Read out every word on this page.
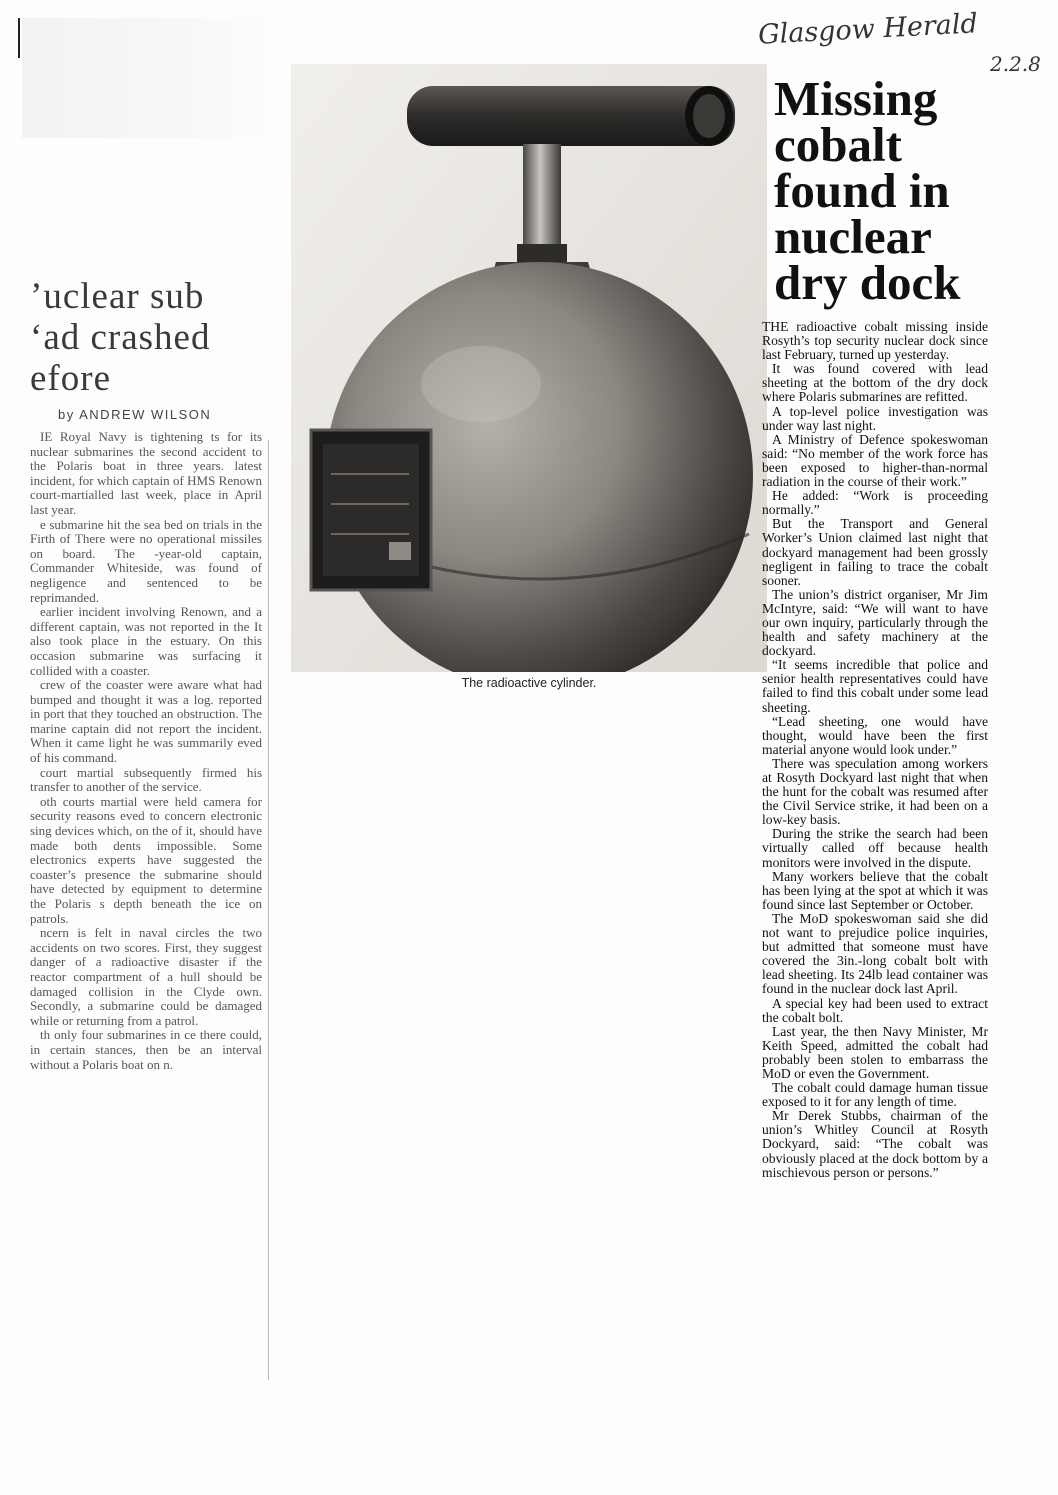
’uclear sub ‘ad crashed efore
by ANDREW WILSON

IE Royal Navy is tightening ts for its nuclear submarines the second accident to the Polaris boat in three years. latest incident, for which captain of HMS Renown court-martialled last week, place in April last year.

e submarine hit the sea bed on trials in the Firth of There were no operational missiles on board. The -year-old captain, Commander Whiteside, was found of negligence and sentenced to be reprimanded.

earlier incident involving Renown, and a different captain, was not reported in the It also took place in the estuary. On this occasion submarine was surfacing it collided with a coaster.

crew of the coaster were aware what had bumped and thought it was a log. reported in port that they touched an obstruction. The marine captain did not report the incident. When it came light he was summarily eved of his command.

court martial subsequently firmed his transfer to another of the service.

oth courts martial were held camera for security reasons eved to concern electronic sing devices which, on the of it, should have made both dents impossible. Some electronics experts have suggested the coaster’s presence the submarine should have detected by equipment to determine the Polaris s depth beneath the ice on patrols.

ncern is felt in naval circles the two accidents on two scores. First, they suggest danger of a radioactive disaster if the reactor compartment of a hull should be damaged collision in the Clyde own. Secondly, a submarine could be damaged while or returning from a patrol.

th only four submarines in ce there could, in certain stances, then be an interval without a Polaris boat on n.

The radioactive cylinder.
Glasgow Herald
2.2.8
Missing cobalt found in nuclear dry dock

THE radioactive cobalt missing inside Rosyth’s top security nuclear dock since last February, turned up yesterday.

It was found covered with lead sheeting at the bottom of the dry dock where Polaris submarines are refitted.

A top-level police investigation was under way last night.

A Ministry of Defence spokeswoman said: “No member of the work force has been exposed to higher-than-normal radiation in the course of their work.”

He added: “Work is proceeding normally.”

But the Transport and General Worker’s Union claimed last night that dockyard management had been grossly negligent in failing to trace the cobalt sooner.

The union’s district organiser, Mr Jim McIntyre, said: “We will want to have our own inquiry, particularly through the health and safety machinery at the dockyard.

“It seems incredible that police and senior health representatives could have failed to find this cobalt under some lead sheeting.

“Lead sheeting, one would have thought, would have been the first material anyone would look under.”

There was speculation among workers at Rosyth Dockyard last night that when the hunt for the cobalt was resumed after the Civil Service strike, it had been on a low-key basis.

During the strike the search had been virtually called off because health monitors were involved in the dispute.

Many workers believe that the cobalt has been lying at the spot at which it was found since last September or October.

The MoD spokeswoman said she did not want to prejudice police inquiries, but admitted that someone must have covered the 3in.-long cobalt bolt with lead sheeting. Its 24lb lead container was found in the nuclear dock last April.

A special key had been used to extract the cobalt bolt.

Last year, the then Navy Minister, Mr Keith Speed, admitted the cobalt had probably been stolen to embarrass the MoD or even the Government.

The cobalt could damage human tissue exposed to it for any length of time.

Mr Derek Stubbs, chairman of the union’s Whitley Council at Rosyth Dockyard, said: “The cobalt was obviously placed at the dock bottom by a mischievous person or persons.”
